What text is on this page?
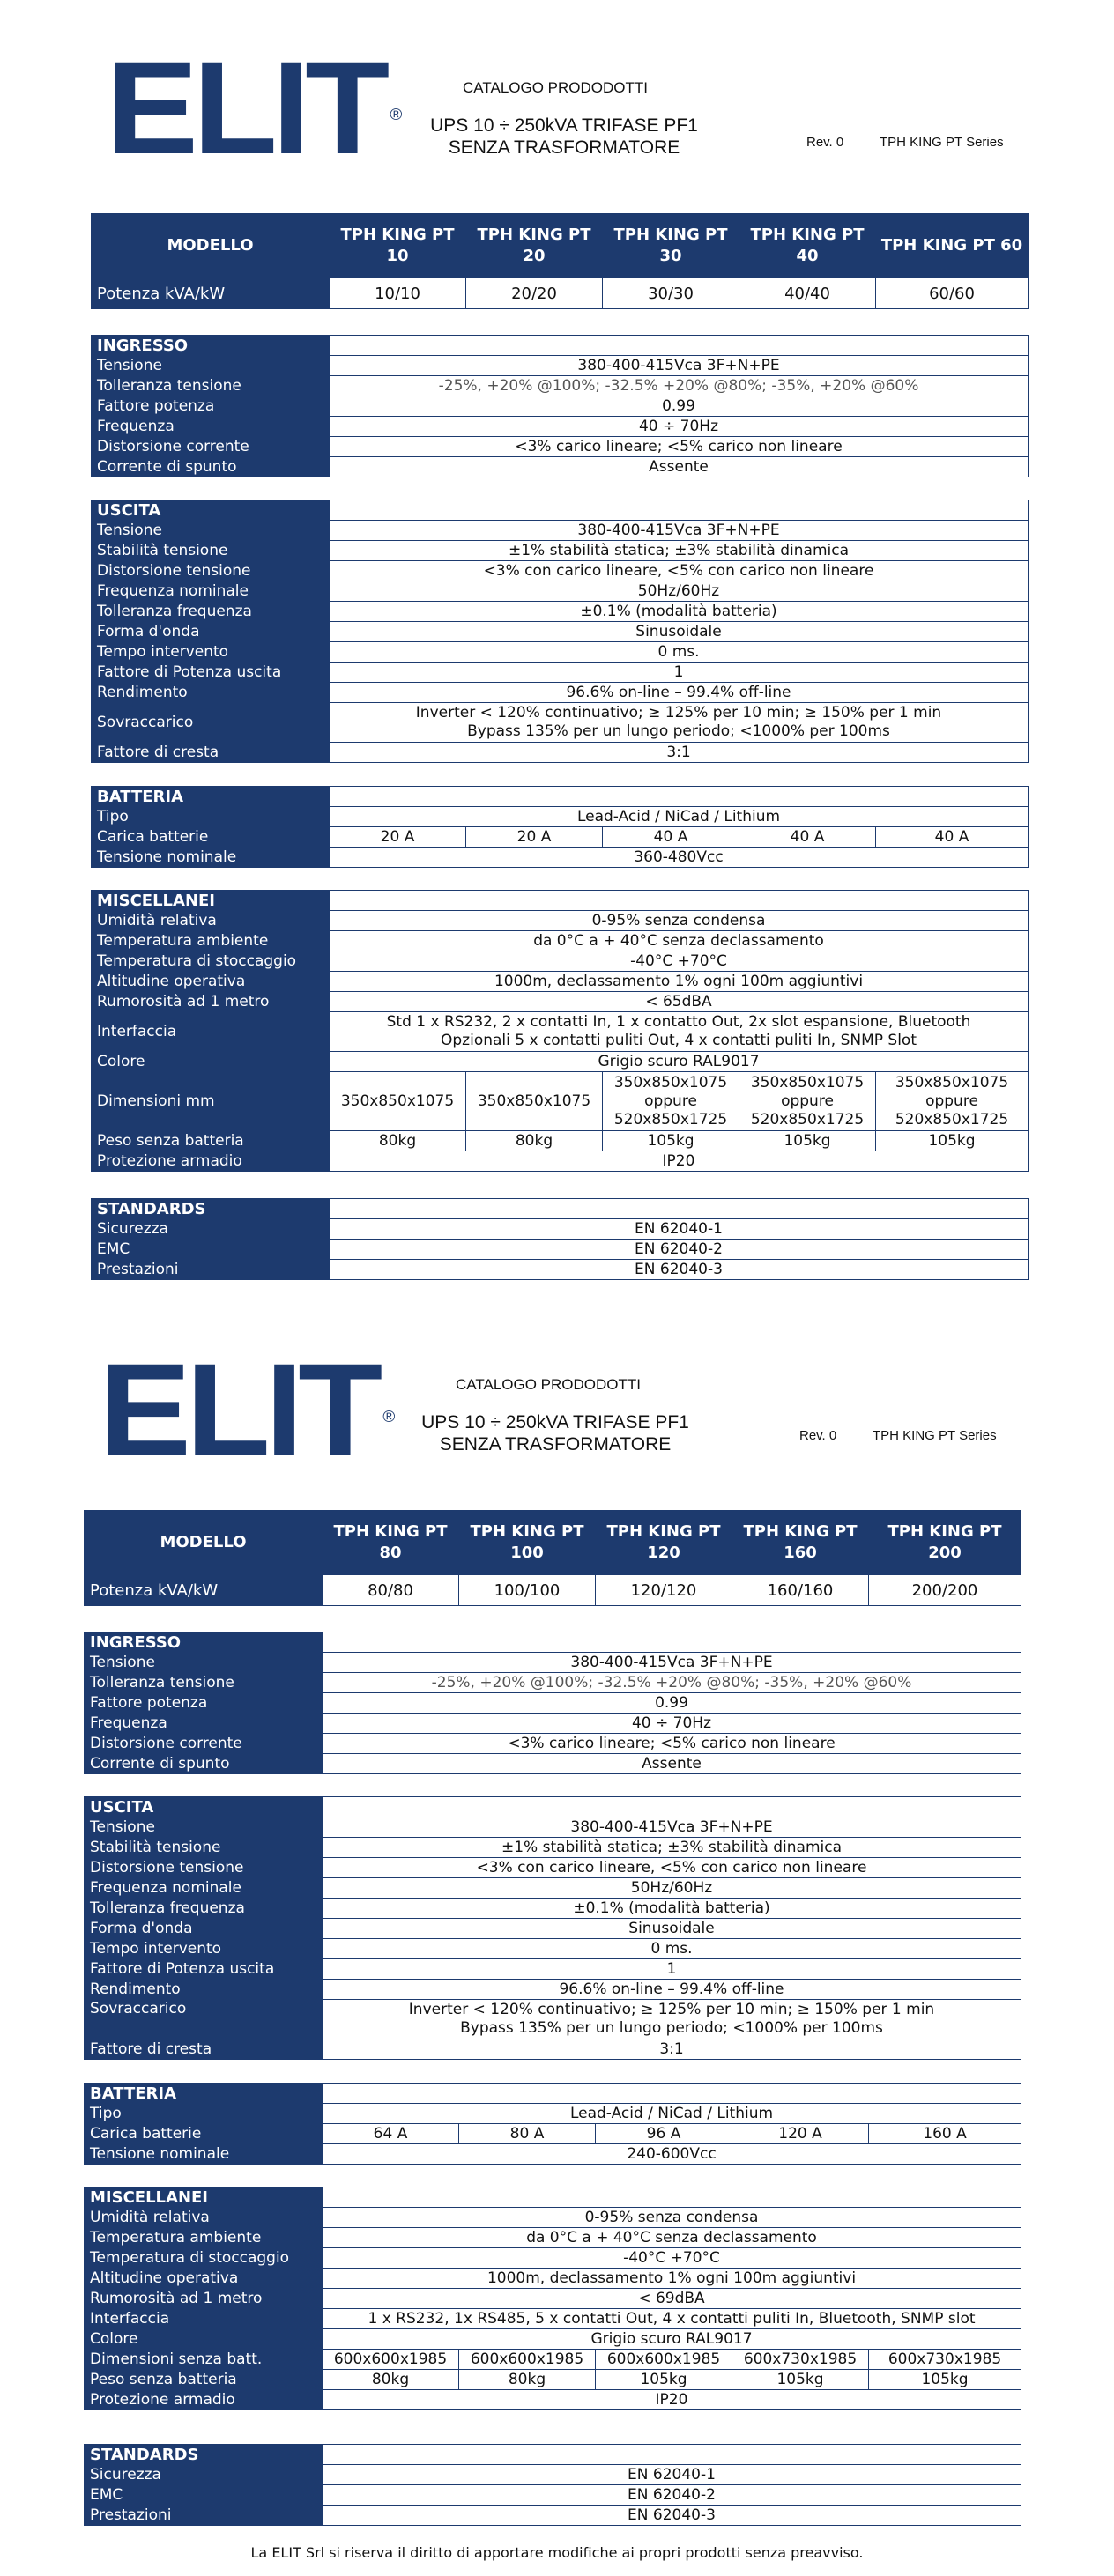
ELIT ®
CATALOGO PRODODOTTI
UPS 10 ÷ 250kVA TRIFASE PF1
SENZA TRASFORMATORE	Rev. 0	TPH KING PT Series
MODELLO	TPH KING PT 10	TPH KING PT 20	TPH KING PT 30	TPH KING PT 40	TPH KING PT 60
Potenza kVA/kW	10/10	20/20	30/30	40/40	60/60
INGRESSO	
Tensione	380-400-415Vca 3F+N+PE
Tolleranza tensione	-25%, +20% @100%; -32.5% +20% @80%; -35%, +20% @60%
Fattore potenza	0.99
Frequenza	40 ÷ 70Hz
Distorsione corrente	<3% carico lineare; <5% carico non lineare
Corrente di spunto	Assente
USCITA	
Tensione	380-400-415Vca 3F+N+PE
Stabilità tensione	±1% stabilità statica; ±3% stabilità dinamica
Distorsione tensione	<3% con carico lineare, <5% con carico non lineare
Frequenza nominale	50Hz/60Hz
Tolleranza frequenza	±0.1% (modalità batteria)
Forma d'onda	Sinusoidale
Tempo intervento	0 ms.
Fattore di Potenza uscita	1
Rendimento	96.6% on-line – 99.4% off-line
Sovraccarico	Inverter < 120% continuativo; ≥ 125% per 10 min; ≥ 150% per 1 min
Bypass 135% per un lungo periodo; <1000% per 100ms

Fattore di cresta	3:1
BATTERIA					
Tipo	Lead-Acid / NiCad / Lithium				
Carica batterie	20 A	20 A	40 A	40 A	40 A
Tensione nominale	360-480Vcc				
MISCELLANEI					
Umidità relativa	0-95% senza condensa				
Temperatura ambiente	da 0°C a + 40°C senza declassamento				
Temperatura di stoccaggio	-40°C +70°C				
Altitudine operativa	1000m, declassamento 1% ogni 100m aggiuntivi				
Rumorosità ad 1 metro	< 65dBA				
Interfaccia	Std 1 x RS232, 2 x contatti In, 1 x contatto Out, 2x slot espansione, Bluetooth
Opzionali 5 x contatti puliti Out, 4 x contatti puliti In, SNMP Slot				

Colore	Grigio scuro RAL9017				
Dimensioni mm	350x850x1075	350x850x1075	350x850x1075 oppure 520x850x1725	350x850x1075 oppure 520x850x1725	350x850x1075 oppure 520x850x1725
Peso senza batteria	80kg	80kg	105kg	105kg	105kg
Protezione armadio	IP20				
STANDARDS	
Sicurezza	EN 62040-1
EMC	EN 62040-2
Prestazioni	EN 62040-3
ELIT ®
CATALOGO PRODODOTTI
UPS 10 ÷ 250kVA TRIFASE PF1
SENZA TRASFORMATORE	Rev. 0	TPH KING PT Series
MODELLO	TPH KING PT 80	TPH KING PT 100	TPH KING PT 120	TPH KING PT 160	TPH KING PT 200
Potenza kVA/kW	80/80	100/100	120/120	160/160	200/200
INGRESSO	
Tensione	380-400-415Vca 3F+N+PE
Tolleranza tensione	-25%, +20% @100%; -32.5% +20% @80%; -35%, +20% @60%
Fattore potenza	0.99
Frequenza	40 ÷ 70Hz
Distorsione corrente	<3% carico lineare; <5% carico non lineare
Corrente di spunto	Assente
USCITA	
Tensione	380-400-415Vca 3F+N+PE
Stabilità tensione	±1% stabilità statica; ±3% stabilità dinamica
Distorsione tensione	<3% con carico lineare, <5% con carico non lineare
Frequenza nominale	50Hz/60Hz
Tolleranza frequenza	±0.1% (modalità batteria)
Forma d'onda	Sinusoidale
Tempo intervento	0 ms.
Fattore di Potenza uscita	1
Rendimento	96.6% on-line – 99.4% off-line
Sovraccarico	Inverter < 120% continuativo; ≥ 125% per 10 min; ≥ 150% per 1 min
Bypass 135% per un lungo periodo; <1000% per 100ms

Fattore di cresta	3:1
BATTERIA					
Tipo	Lead-Acid / NiCad / Lithium				
Carica batterie	64 A	80 A	96 A	120 A	160 A
Tensione nominale	240-600Vcc				
MISCELLANEI					
Umidità relativa	0-95% senza condensa				
Temperatura ambiente	da 0°C a + 40°C senza declassamento				
Temperatura di stoccaggio	-40°C +70°C				
Altitudine operativa	1000m, declassamento 1% ogni 100m aggiuntivi				
Rumorosità ad 1 metro	< 69dBA				
Interfaccia	1 x RS232, 1x RS485, 5 x contatti Out, 4 x contatti puliti In, Bluetooth, SNMP slot				
Colore	Grigio scuro RAL9017				
Dimensioni senza batt.	600x600x1985	600x600x1985	600x600x1985	600x730x1985	600x730x1985
Peso senza batteria	80kg	80kg	105kg	105kg	105kg
Protezione armadio	IP20				
STANDARDS	
Sicurezza	EN 62040-1
EMC	EN 62040-2
Prestazioni	EN 62040-3
La ELIT Srl si riserva il diritto di apportare modifiche ai propri prodotti senza preavviso.
